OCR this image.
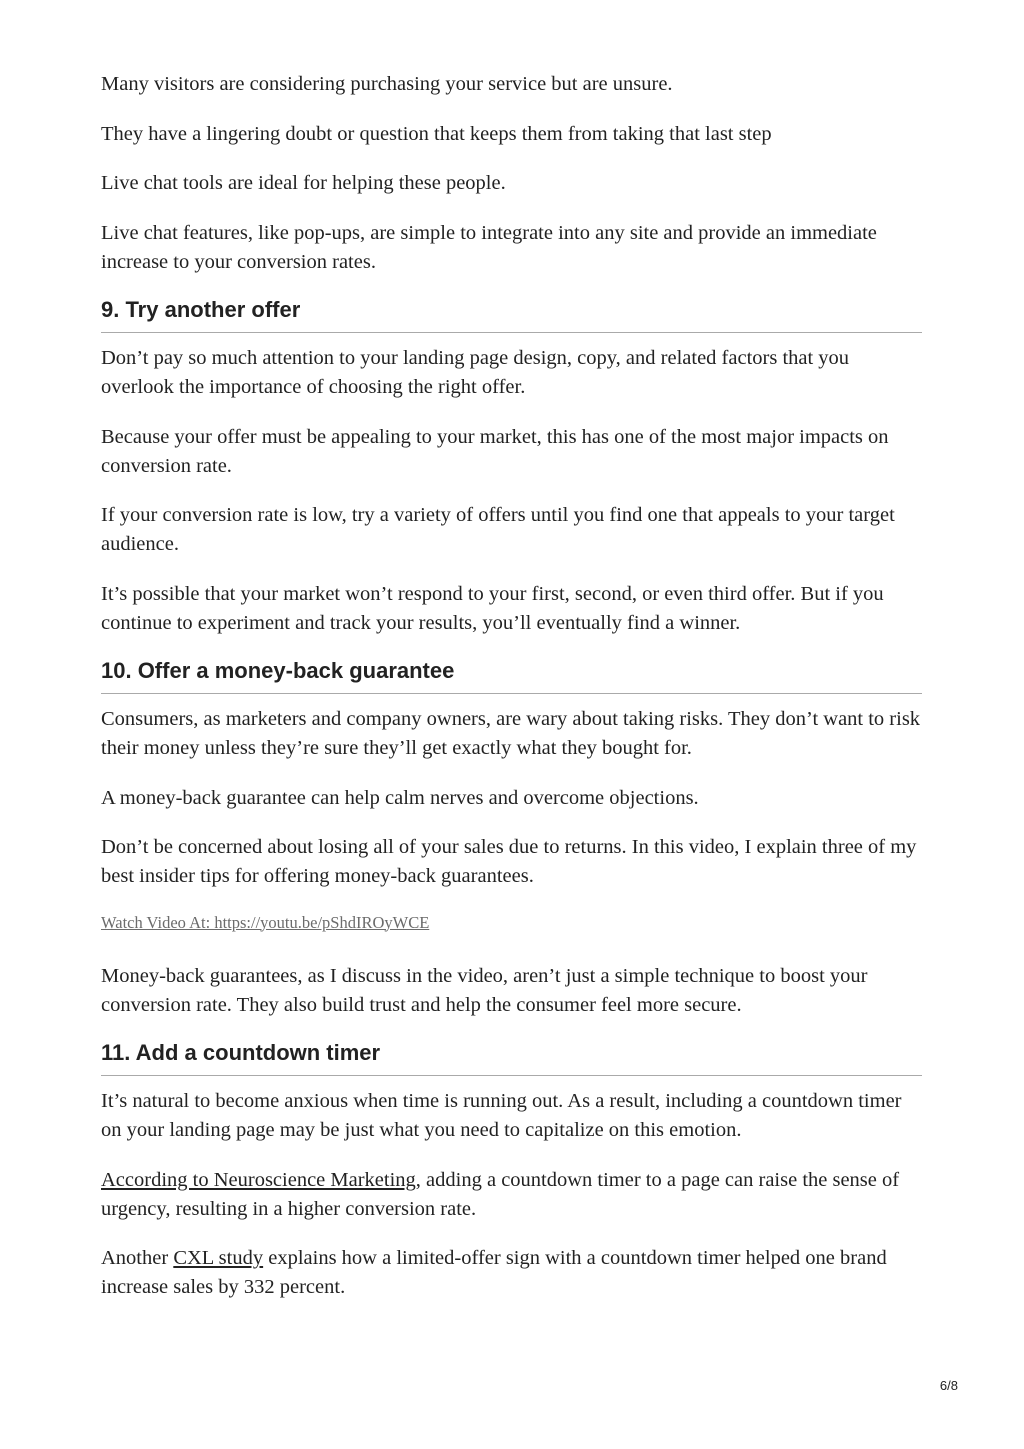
Many visitors are considering purchasing your service but are unsure.

They have a lingering doubt or question that keeps them from taking that last step

Live chat tools are ideal for helping these people.

Live chat features, like pop-ups, are simple to integrate into any site and provide an immediate increase to your conversion rates.

9. Try another offer

Don’t pay so much attention to your landing page design, copy, and related factors that you overlook the importance of choosing the right offer.

Because your offer must be appealing to your market, this has one of the most major impacts on conversion rate.

If your conversion rate is low, try a variety of offers until you find one that appeals to your target audience.

It’s possible that your market won’t respond to your first, second, or even third offer. But if you continue to experiment and track your results, you’ll eventually find a winner.

10. Offer a money-back guarantee

Consumers, as marketers and company owners, are wary about taking risks. They don’t want to risk their money unless they’re sure they’ll get exactly what they bought for.

A money-back guarantee can help calm nerves and overcome objections.

Don’t be concerned about losing all of your sales due to returns. In this video, I explain three of my best insider tips for offering money-back guarantees.

Watch Video At: https://youtu.be/pShdIROyWCE

Money-back guarantees, as I discuss in the video, aren’t just a simple technique to boost your conversion rate. They also build trust and help the consumer feel more secure.

11. Add a countdown timer

It’s natural to become anxious when time is running out. As a result, including a countdown timer on your landing page may be just what you need to capitalize on this emotion.

According to Neuroscience Marketing, adding a countdown timer to a page can raise the sense of urgency, resulting in a higher conversion rate.

Another CXL study explains how a limited-offer sign with a countdown timer helped one brand increase sales by 332 percent.

6/8
